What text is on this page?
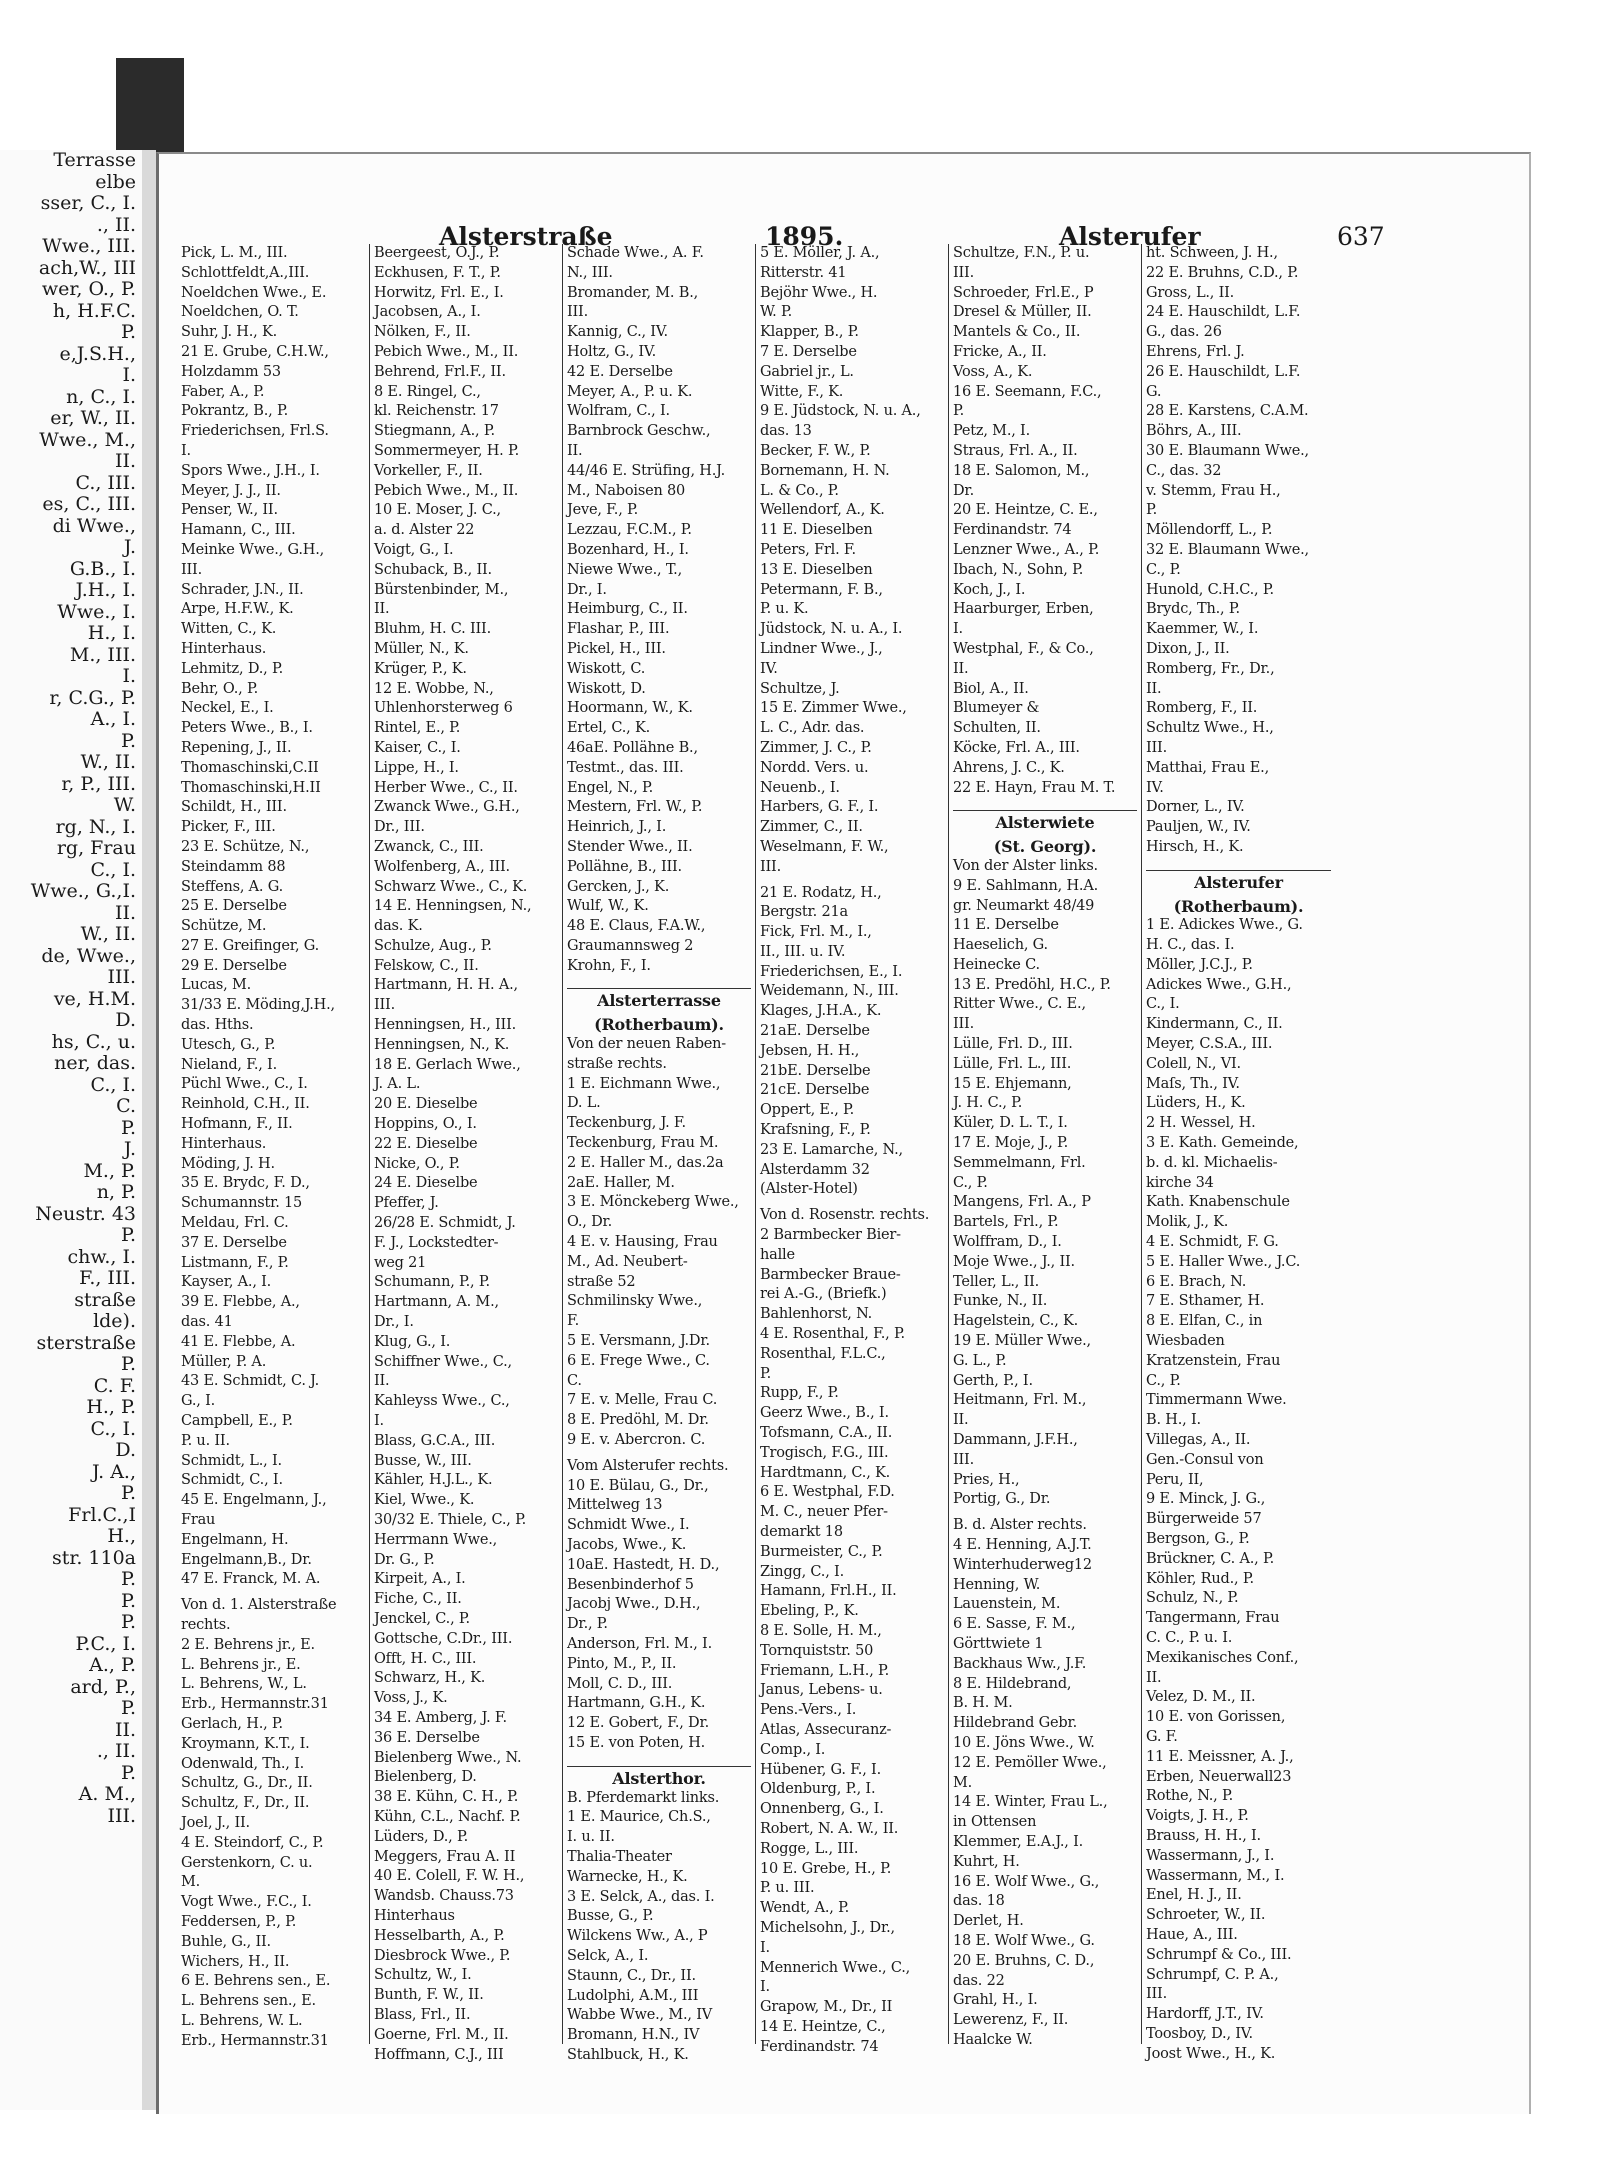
Terrasse
elbe
sser, C., I.
., II.
Wwe., III.
ach,W., III
wer, O., P.
h, H.F.C.
P.
e,J.S.H.,
I.
n, C., I.
er, W., II.
Wwe., M.,
II.
C., III.
es, C., III.
di Wwe.,
J.
G.B., I.
J.H., I.
Wwe., I.
H., I.
M., III.
I.
r, C.G., P.
A., I.
P.
W., II.
r, P., III.
W.
rg, N., I.
rg, Frau
C., I.
Wwe., G.,I.
II.
W., II.
de, Wwe.,
III.
ve, H.M.
D.
hs, C., u.
ner, das.
C., I.
C.
P.
J.
M., P.
n, P.
Neustr. 43
P.
chw., I.
F., III.
straße
lde).
sterstraße
P.
C. F.
H., P.
C., I.
D.
J. A.,
P.
Frl.C.,I
H.,
str. 110a
P.
P.
P.
P.C., I.
A., P.
ard, P.,
P.
II.
., II.
P.
A. M.,
III.
Alsterstraße	1895.	Alsterufer	637
Pick, L. M., III.
Schlottfeldt,A.,III.
Noeldchen Wwe., E.
Noeldchen, O. T.
Suhr, J. H., K.
21 E. Grube, C.H.W.,
Holzdamm 53
Faber, A., P.
Pokrantz, B., P.
Friederichsen, Frl.S.
I.
Spors Wwe., J.H., I.
Meyer, J. J., II.
Penser, W., II.
Hamann, C., III.
Meinke Wwe., G.H.,
III.
Schrader, J.N., II.
Arpe, H.F.W., K.
Witten, C., K.
Hinterhaus.
Lehmitz, D., P.
Behr, O., P.
Neckel, E., I.
Peters Wwe., B., I.
Repening, J., II.
Thomaschinski,C.II
Thomaschinski,H.II
Schildt, H., III.
Picker, F., III.
23 E. Schütze, N.,
Steindamm 88
Steffens, A. G.
25 E. Derselbe
Schütze, M.
27 E. Greifinger, G.
29 E. Derselbe
Lucas, M.
31/33 E. Möding,J.H.,
das. Hths.
Utesch, G., P.
Nieland, F., I.
Püchl Wwe., C., I.
Reinhold, C.H., II.
Hofmann, F., II.
Hinterhaus.
Möding, J. H.
35 E. Brydc, F. D.,
Schumannstr. 15
Meldau, Frl. C.
37 E. Derselbe
Listmann, F., P.
Kayser, A., I.
39 E. Flebbe, A.,
das. 41
41 E. Flebbe, A.
Müller, P. A.
43 E. Schmidt, C. J.
G., I.
Campbell, E., P.
P. u. II.
Schmidt, L., I.
Schmidt, C., I.
45 E. Engelmann, J.,
Frau
Engelmann, H.
Engelmann,B., Dr.
47 E. Franck, M. A.

Von d. 1. Alsterstraße
rechts.
2 E. Behrens jr., E.
L. Behrens jr., E.
L. Behrens, W., L.
Erb., Hermannstr.31
Gerlach, H., P.
Kroymann, K.T., I.
Odenwald, Th., I.
Schultz, G., Dr., II.
Schultz, F., Dr., II.
Joel, J., II.
4 E. Steindorf, C., P.
Gerstenkorn, C. u.
M.
Vogt Wwe., F.C., I.
Feddersen, P., P.
Buhle, G., II.
Wichers, H., II.
6 E. Behrens sen., E.
L. Behrens sen., E.
L. Behrens, W. L.
Erb., Hermannstr.31
Beergeest, O.J., P.
Eckhusen, F. T., P.
Horwitz, Frl. E., I.
Jacobsen, A., I.
Nölken, F., II.
Pebich Wwe., M., II.
Behrend, Frl.F., II.
8 E. Ringel, C.,
kl. Reichenstr. 17
Stiegmann, A., P.
Sommermeyer, H. P.
Vorkeller, F., II.
Pebich Wwe., M., II.
10 E. Moser, J. C.,
a. d. Alster 22
Voigt, G., I.
Schuback, B., II.
Bürstenbinder, M.,
II.
Bluhm, H. C. III.
Müller, N., K.
Krüger, P., K.
12 E. Wobbe, N.,
Uhlenhorsterweg 6
Rintel, E., P.
Kaiser, C., I.
Lippe, H., I.
Herber Wwe., C., II.
Zwanck Wwe., G.H.,
Dr., III.
Zwanck, C., III.
Wolfenberg, A., III.
Schwarz Wwe., C., K.
14 E. Henningsen, N.,
das. K.
Schulze, Aug., P.
Felskow, C., II.
Hartmann, H. H. A.,
III.
Henningsen, H., III.
Henningsen, N., K.
18 E. Gerlach Wwe.,
J. A. L.
20 E. Dieselbe
Hoppins, O., I.
22 E. Dieselbe
Nicke, O., P.
24 E. Dieselbe
Pfeffer, J.
26/28 E. Schmidt, J.
F. J., Lockstedter-
weg 21
Schumann, P., P.
Hartmann, A. M.,
Dr., I.
Klug, G., I.
Schiffner Wwe., C.,
II.
Kahleyss Wwe., C.,
I.
Blass, G.C.A., III.
Busse, W., III.
Kähler, H.J.L., K.
Kiel, Wwe., K.
30/32 E. Thiele, C., P.
Herrmann Wwe.,
Dr. G., P.
Kirpeit, A., I.
Fiche, C., II.
Jenckel, C., P.
Gottsche, C.Dr., III.
Offt, H. C., III.
Schwarz, H., K.
Voss, J., K.
34 E. Amberg, J. F.
36 E. Derselbe
Bielenberg Wwe., N.
Bielenberg, D.
38 E. Kühn, C. H., P.
Kühn, C.L., Nachf. P.
Lüders, D., P.
Meggers, Frau A. II
40 E. Colell, F. W. H.,
Wandsb. Chauss.73
Hinterhaus
Hesselbarth, A., P.
Diesbrock Wwe., P.
Schultz, W., I.
Bunth, F. W., II.
Blass, Frl., II.
Goerne, Frl. M., II.
Hoffmann, C.J., III
Schade Wwe., A. F.
N., III.
Bromander, M. B.,
III.
Kannig, C., IV.
Holtz, G., IV.
42 E. Derselbe
Meyer, A., P. u. K.
Wolfram, C., I.
Barnbrock Geschw.,
II.
44/46 E. Strüfing, H.J.
M., Naboisen 80
Jeve, F., P.
Lezzau, F.C.M., P.
Bozenhard, H., I.
Niewe Wwe., T.,
Dr., I.
Heimburg, C., II.
Flashar, P., III.
Pickel, H., III.
Wiskott, C.
Wiskott, D.
Hoormann, W., K.
Ertel, C., K.
46aE. Pollähne B.,
Testmt., das. III.
Engel, N., P.
Mestern, Frl. W., P.
Heinrich, J., I.
Stender Wwe., II.
Pollähne, B., III.
Gercken, J., K.
Wulf, W., K.
48 E. Claus, F.A.W.,
Graumannsweg 2
Krohn, F., I.

Alsterterrasse
(Rotherbaum).
Von der neuen Raben-
straße rechts.
1 E. Eichmann Wwe.,
D. L.
Teckenburg, J. F.
Teckenburg, Frau M.
2 E. Haller M., das.2a
2aE. Haller, M.
3 E. Mönckeberg Wwe.,
O., Dr.
4 E. v. Hausing, Frau
M., Ad. Neubert-
straße 52
Schmilinsky Wwe.,
F.
5 E. Versmann, J.Dr.
6 E. Frege Wwe., C.
C.
7 E. v. Melle, Frau C.
8 E. Predöhl, M. Dr.
9 E. v. Abercron. C.

Vom Alsterufer rechts.
10 E. Bülau, G., Dr.,
Mittelweg 13
Schmidt Wwe., I.
Jacobs, Wwe., K.
10aE. Hastedt, H. D.,
Besenbinderhof 5
Jacobj Wwe., D.H.,
Dr., P.
Anderson, Frl. M., I.
Pinto, M., P., II.
Moll, C. D., III.
Hartmann, G.H., K.
12 E. Gobert, F., Dr.
15 E. von Poten, H.

Alsterthor.
B. Pferdemarkt links.
1 E. Maurice, Ch.S.,
I. u. II.
Thalia-Theater
Warnecke, H., K.
3 E. Selck, A., das. I.
Busse, G., P.
Wilckens Ww., A., P
Selck, A., I.
Staunn, C., Dr., II.
Ludolphi, A.M., III
Wabbe Wwe., M., IV
Bromann, H.N., IV
Stahlbuck, H., K.
5 E. Möller, J. A.,
Ritterstr. 41
Bejöhr Wwe., H.
W. P.
Klapper, B., P.
7 E. Derselbe
Gabriel jr., L.
Witte, F., K.
9 E. Jüdstock, N. u. A.,
das. 13
Becker, F. W., P.
Bornemann, H. N.
L. & Co., P.
Wellendorf, A., K.
11 E. Dieselben
Peters, Frl. F.
13 E. Dieselben
Petermann, F. B.,
P. u. K.
Jüdstock, N. u. A., I.
Lindner Wwe., J.,
IV.
Schultze, J.
15 E. Zimmer Wwe.,
L. C., Adr. das.
Zimmer, J. C., P.
Nordd. Vers. u.
Neuenb., I.
Harbers, G. F., I.
Zimmer, C., II.
Weselmann, F. W.,
III.

21 E. Rodatz, H.,
Bergstr. 21a
Fick, Frl. M., I.,
II., III. u. IV.
Friederichsen, E., I.
Weidemann, N., III.
Klages, J.H.A., K.
21aE. Derselbe
Jebsen, H. H.,
21bE. Derselbe
21cE. Derselbe
Oppert, E., P.
Krafsning, F., P.
23 E. Lamarche, N.,
Alsterdamm 32
(Alster-Hotel)

Von d. Rosenstr. rechts.
2 Barmbecker Bier-
halle
Barmbecker Braue-
rei A.-G., (Briefk.)
Bahlenhorst, N.
4 E. Rosenthal, F., P.
Rosenthal, F.L.C.,
P.
Rupp, F., P.
Geerz Wwe., B., I.
Tofsmann, C.A., II.
Trogisch, F.G., III.
Hardtmann, C., K.
6 E. Westphal, F.D.
M. C., neuer Pfer-
demarkt 18
Burmeister, C., P.
Zingg, C., I.
Hamann, Frl.H., II.
Ebeling, P., K.
8 E. Solle, H. M.,
Tornquiststr. 50
Friemann, L.H., P.
Janus, Lebens- u.
Pens.-Vers., I.
Atlas, Assecuranz-
Comp., I.
Hübener, G. F., I.
Oldenburg, P., I.
Onnenberg, G., I.
Robert, N. A. W., II.
Rogge, L., III.
10 E. Grebe, H., P.
P. u. III.
Wendt, A., P.
Michelsohn, J., Dr.,
I.
Mennerich Wwe., C.,
I.
Grapow, M., Dr., II
14 E. Heintze, C.,
Ferdinandstr. 74
Schultze, F.N., P. u.
III.
Schroeder, Frl.E., P
Dresel & Müller, II.
Mantels & Co., II.
Fricke, A., II.
Voss, A., K.
16 E. Seemann, F.C.,
P.
Petz, M., I.
Straus, Frl. A., II.
18 E. Salomon, M.,
Dr.
20 E. Heintze, C. E.,
Ferdinandstr. 74
Lenzner Wwe., A., P.
Ibach, N., Sohn, P.
Koch, J., I.
Haarburger, Erben,
I.
Westphal, F., & Co.,
II.
Biol, A., II.
Blumeyer &
Schulten, II.
Köcke, Frl. A., III.
Ahrens, J. C., K.
22 E. Hayn, Frau M. T.

Alsterwiete
(St. Georg).
Von der Alster links.
9 E. Sahlmann, H.A.
gr. Neumarkt 48/49
11 E. Derselbe
Haeselich, G.
Heinecke C.
13 E. Predöhl, H.C., P.
Ritter Wwe., C. E.,
III.
Lülle, Frl. D., III.
Lülle, Frl. L., III.
15 E. Ehjemann,
J. H. C., P.
Küler, D. L. T., I.
17 E. Moje, J., P.
Semmelmann, Frl.
C., P.
Mangens, Frl. A., P
Bartels, Frl., P.
Wolffram, D., I.
Moje Wwe., J., II.
Teller, L., II.
Funke, N., II.
Hagelstein, C., K.
19 E. Müller Wwe.,
G. L., P.
Gerth, P., I.
Heitmann, Frl. M.,
II.
Dammann, J.F.H.,
III.
Pries, H.,
Portig, G., Dr.

B. d. Alster rechts.
4 E. Henning, A.J.T.
Winterhuderweg12
Henning, W.
Lauenstein, M.
6 E. Sasse, F. M.,
Görttwiete 1
Backhaus Ww., J.F.
8 E. Hildebrand,
B. H. M.
Hildebrand Gebr.
10 E. Jöns Wwe., W.
12 E. Pemöller Wwe.,
M.
14 E. Winter, Frau L.,
in Ottensen
Klemmer, E.A.J., I.
Kuhrt, H.
16 E. Wolf Wwe., G.,
das. 18
Derlet, H.
18 E. Wolf Wwe., G.
20 E. Bruhns, C. D.,
das. 22
Grahl, H., I.
Lewerenz, F., II.
Haalcke W.
ht. Schween, J. H.,
22 E. Bruhns, C.D., P.
Gross, L., II.
24 E. Hauschildt, L.F.
G., das. 26
Ehrens, Frl. J.
26 E. Hauschildt, L.F.
G.
28 E. Karstens, C.A.M.
Böhrs, A., III.
30 E. Blaumann Wwe.,
C., das. 32
v. Stemm, Frau H.,
P.
Möllendorff, L., P.
32 E. Blaumann Wwe.,
C., P.
Hunold, C.H.C., P.
Brydc, Th., P.
Kaemmer, W., I.
Dixon, J., II.
Romberg, Fr., Dr.,
II.
Romberg, F., II.
Schultz Wwe., H.,
III.
Matthai, Frau E.,
IV.
Dorner, L., IV.
Pauljen, W., IV.
Hirsch, H., K.

Alsterufer
(Rotherbaum).
1 E. Adickes Wwe., G.
H. C., das. I.
Möller, J.C.J., P.
Adickes Wwe., G.H.,
C., I.
Kindermann, C., II.
Meyer, C.S.A., III.
Colell, N., VI.
Maſs, Th., IV.
Lüders, H., K.
2 H. Wessel, H.
3 E. Kath. Gemeinde,
b. d. kl. Michaelis-
kirche 34
Kath. Knabenschule
Molik, J., K.
4 E. Schmidt, F. G.
5 E. Haller Wwe., J.C.
6 E. Brach, N.
7 E. Sthamer, H.
8 E. Elfan, C., in
Wiesbaden
Kratzenstein, Frau
C., P.
Timmermann Wwe.
B. H., I.
Villegas, A., II.
Gen.-Consul von
Peru, II,
9 E. Minck, J. G.,
Bürgerweide 57
Bergson, G., P.
Brückner, C. A., P.
Köhler, Rud., P.
Schulz, N., P.
Tangermann, Frau
C. C., P. u. I.
Mexikanisches Conf.,
II.
Velez, D. M., II.
10 E. von Gorissen,
G. F.
11 E. Meissner, A. J.,
Erben, Neuerwall23
Rothe, N., P.
Voigts, J. H., P.
Brauss, H. H., I.
Wassermann, J., I.
Wassermann, M., I.
Enel, H. J., II.
Schroeter, W., II.
Haue, A., III.
Schrumpf & Co., III.
Schrumpf, C. P. A.,
III.
Hardorff, J.T., IV.
Toosboy, D., IV.
Joost Wwe., H., K.
